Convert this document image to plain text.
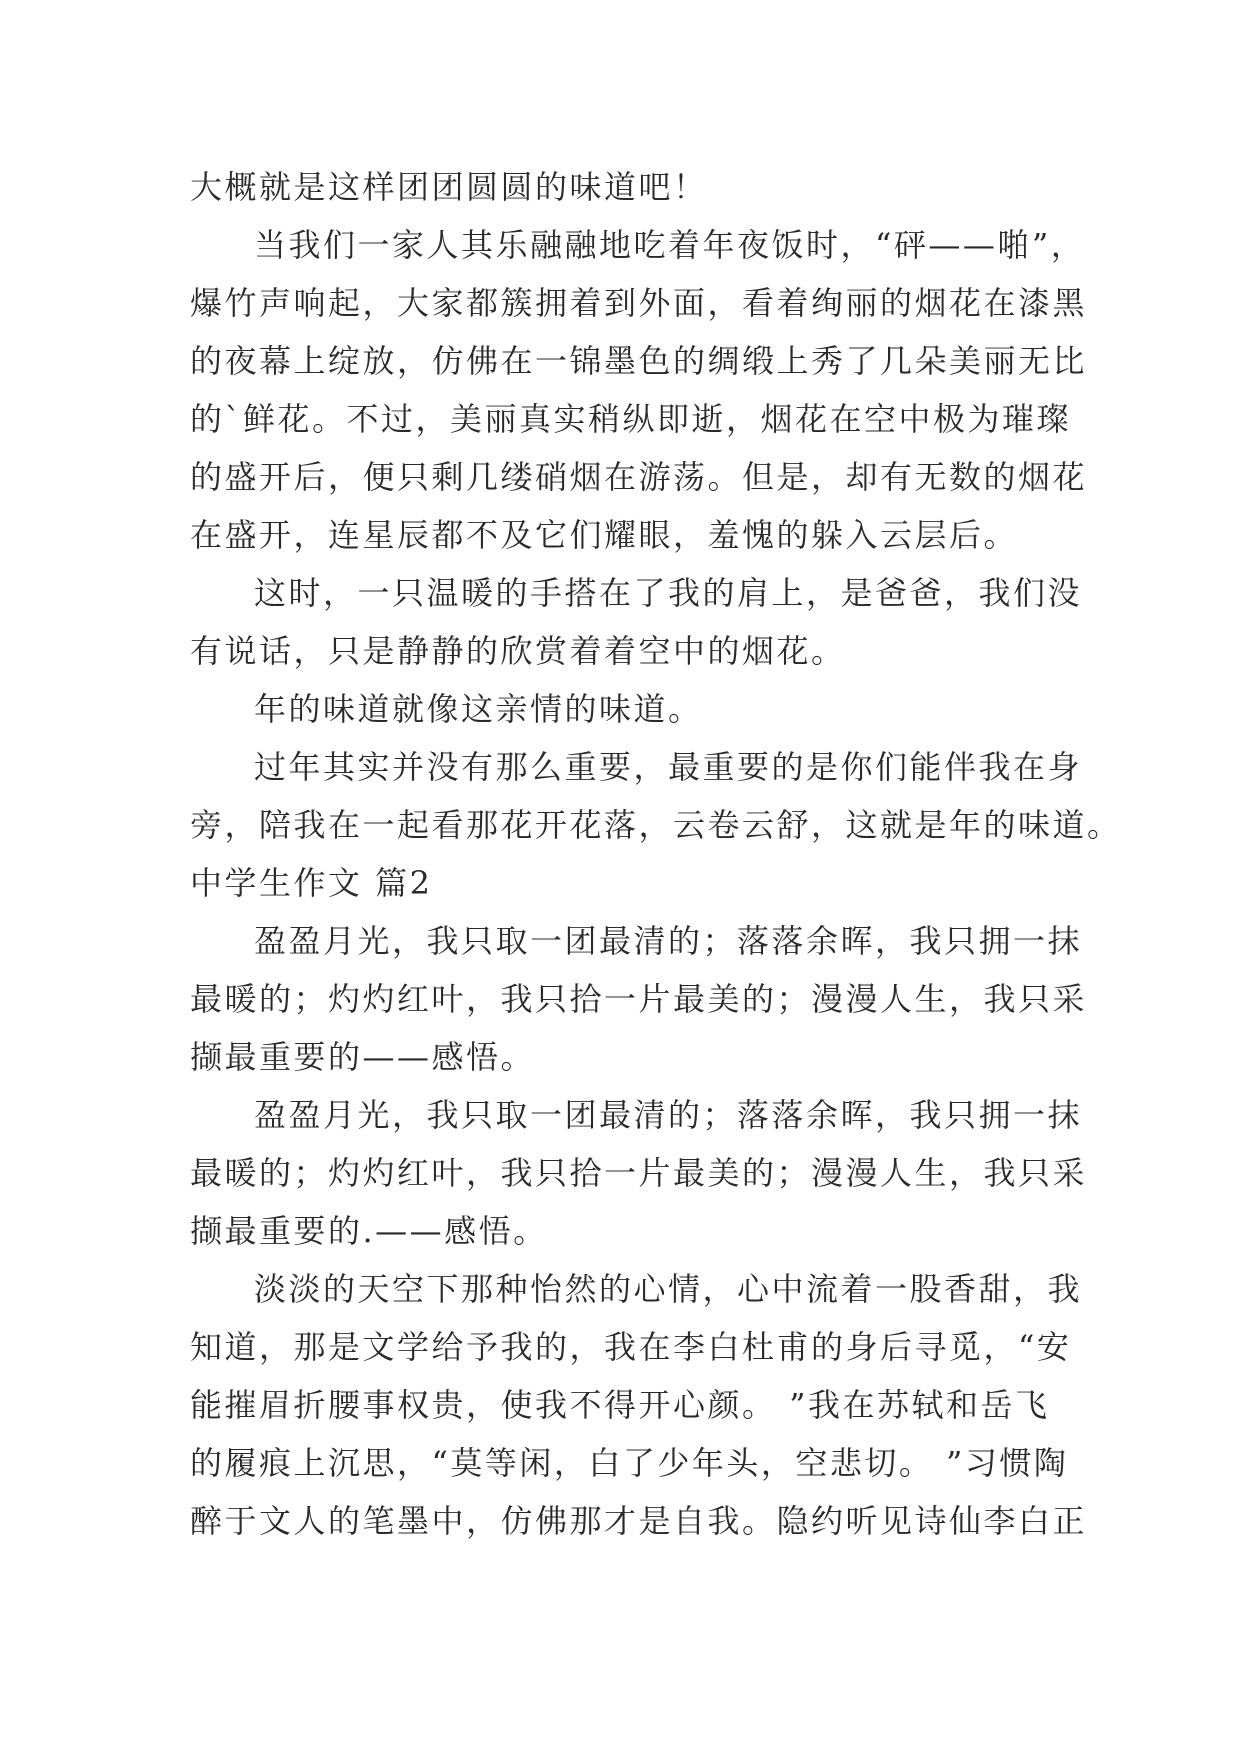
大概就是这样团团圆圆的味道吧！
当我们一家人其乐融融地吃着年夜饭时，“砰——啪”，
爆竹声响起，大家都簇拥着到外面，看着绚丽的烟花在漆黑
的夜幕上绽放，仿佛在一锦墨色的绸缎上秀了几朵美丽无比
的`鲜花。不过，美丽真实稍纵即逝，烟花在空中极为璀璨
的盛开后，便只剩几缕硝烟在游荡。但是，却有无数的烟花
在盛开，连星辰都不及它们耀眼，羞愧的躲入云层后。
这时，一只温暖的手搭在了我的肩上，是爸爸，我们没
有说话，只是静静的欣赏着着空中的烟花。
年的味道就像这亲情的味道。
过年其实并没有那么重要，最重要的是你们能伴我在身
旁，陪我在一起看那花开花落，云卷云舒，这就是年的味道。
中学生作文 篇2
盈盈月光，我只取一团最清的；落落余晖，我只拥一抹
最暖的；灼灼红叶，我只拾一片最美的；漫漫人生，我只采
撷最重要的——感悟。
盈盈月光，我只取一团最清的；落落余晖，我只拥一抹
最暖的；灼灼红叶，我只拾一片最美的；漫漫人生，我只采
撷最重要的.——感悟。
淡淡的天空下那种怡然的心情，心中流着一股香甜，我
知道，那是文学给予我的，我在李白杜甫的身后寻觅，“安
能摧眉折腰事权贵，使我不得开心颜。 ”我在苏轼和岳飞
的履痕上沉思，“莫等闲，白了少年头，空悲切。 ”习惯陶
醉于文人的笔墨中，仿佛那才是自我。隐约听见诗仙李白正
